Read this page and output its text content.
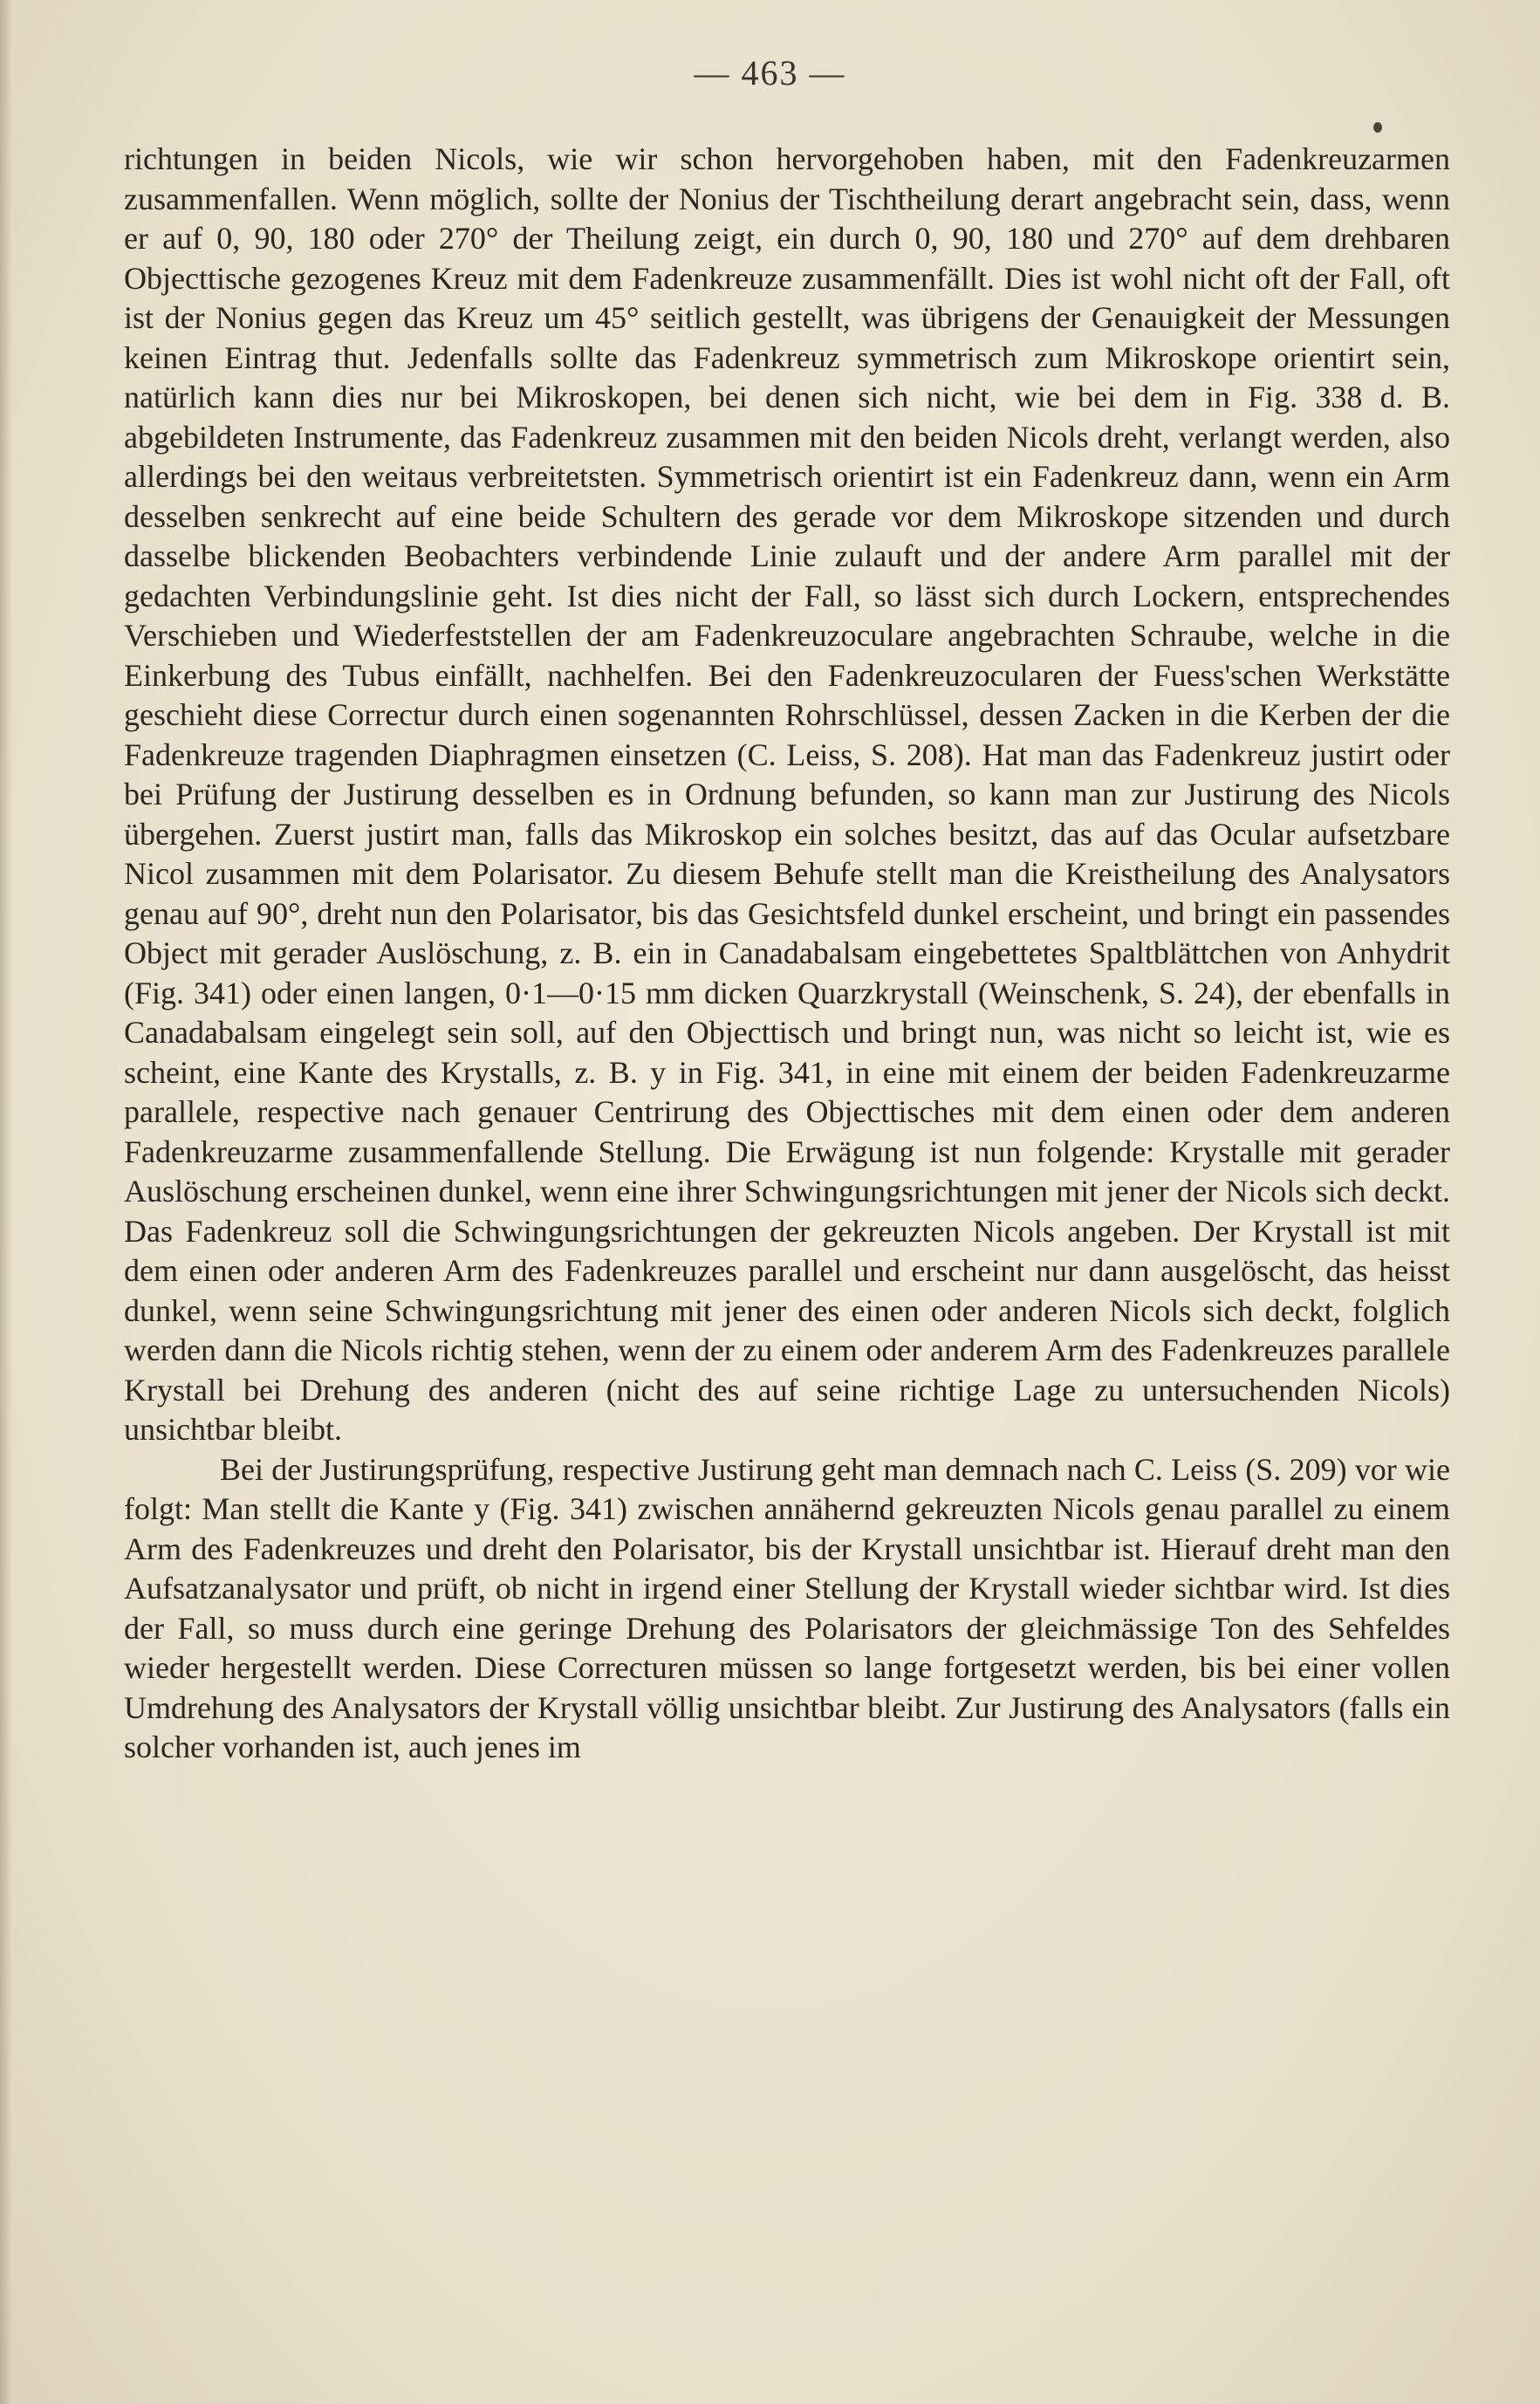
— 463 —

richtungen in beiden Nicols, wie wir schon hervorgehoben haben, mit den Fadenkreuzarmen zusammenfallen. Wenn möglich, sollte der Nonius der Tischtheilung derart angebracht sein, dass, wenn er auf 0, 90, 180 oder 270° der Theilung zeigt, ein durch 0, 90, 180 und 270° auf dem drehbaren Objecttische gezogenes Kreuz mit dem Fadenkreuze zusammenfällt. Dies ist wohl nicht oft der Fall, oft ist der Nonius gegen das Kreuz um 45° seitlich gestellt, was übrigens der Genauigkeit der Messungen keinen Eintrag thut. Jedenfalls sollte das Fadenkreuz symmetrisch zum Mikroskope orientirt sein, natürlich kann dies nur bei Mikroskopen, bei denen sich nicht, wie bei dem in Fig. 338 d. B. abgebildeten Instrumente, das Fadenkreuz zusammen mit den beiden Nicols dreht, verlangt werden, also allerdings bei den weitaus verbreitetsten. Symmetrisch orientirt ist ein Fadenkreuz dann, wenn ein Arm desselben senkrecht auf eine beide Schultern des gerade vor dem Mikroskope sitzenden und durch dasselbe blickenden Beobachters verbindende Linie zulauft und der andere Arm parallel mit der gedachten Verbindungslinie geht. Ist dies nicht der Fall, so lässt sich durch Lockern, entsprechendes Verschieben und Wiederfeststellen der am Fadenkreuzoculare angebrachten Schraube, welche in die Einkerbung des Tubus einfällt, nachhelfen. Bei den Fadenkreuzocularen der Fuess'schen Werkstätte geschieht diese Correctur durch einen sogenannten Rohrschlüssel, dessen Zacken in die Kerben der die Fadenkreuze tragenden Diaphragmen einsetzen (C. Leiss, S. 208). Hat man das Fadenkreuz justirt oder bei Prüfung der Justirung desselben es in Ordnung befunden, so kann man zur Justirung des Nicols übergehen. Zuerst justirt man, falls das Mikroskop ein solches besitzt, das auf das Ocular aufsetzbare Nicol zusammen mit dem Polarisator. Zu diesem Behufe stellt man die Kreistheilung des Analysators genau auf 90°, dreht nun den Polarisator, bis das Gesichtsfeld dunkel erscheint, und bringt ein passendes Object mit gerader Auslöschung, z. B. ein in Canadabalsam eingebettetes Spaltblättchen von Anhydrit (Fig. 341) oder einen langen, 0·1—0·15 mm dicken Quarzkrystall (Weinschenk, S. 24), der ebenfalls in Canadabalsam eingelegt sein soll, auf den Objecttisch und bringt nun, was nicht so leicht ist, wie es scheint, eine Kante des Krystalls, z. B. y in Fig. 341, in eine mit einem der beiden Fadenkreuzarme parallele, respective nach genauer Centrirung des Objecttisches mit dem einen oder dem anderen Fadenkreuzarme zusammenfallende Stellung. Die Erwägung ist nun folgende: Krystalle mit gerader Auslöschung erscheinen dunkel, wenn eine ihrer Schwingungsrichtungen mit jener der Nicols sich deckt. Das Fadenkreuz soll die Schwingungsrichtungen der gekreuzten Nicols angeben. Der Krystall ist mit dem einen oder anderen Arm des Fadenkreuzes parallel und erscheint nur dann ausgelöscht, das heisst dunkel, wenn seine Schwingungsrichtung mit jener des einen oder anderen Nicols sich deckt, folglich werden dann die Nicols richtig stehen, wenn der zu einem oder anderem Arm des Fadenkreuzes parallele Krystall bei Drehung des anderen (nicht des auf seine richtige Lage zu untersuchenden Nicols) unsichtbar bleibt.

Bei der Justirungsprüfung, respective Justirung geht man demnach nach C. Leiss (S. 209) vor wie folgt: Man stellt die Kante y (Fig. 341) zwischen annähernd gekreuzten Nicols genau parallel zu einem Arm des Fadenkreuzes und dreht den Polarisator, bis der Krystall unsichtbar ist. Hierauf dreht man den Aufsatzanalysator und prüft, ob nicht in irgend einer Stellung der Krystall wieder sichtbar wird. Ist dies der Fall, so muss durch eine geringe Drehung des Polarisators der gleichmässige Ton des Sehfeldes wieder hergestellt werden. Diese Correcturen müssen so lange fortgesetzt werden, bis bei einer vollen Umdrehung des Analysators der Krystall völlig unsichtbar bleibt. Zur Justirung des Analysators (falls ein solcher vorhanden ist, auch jenes im
